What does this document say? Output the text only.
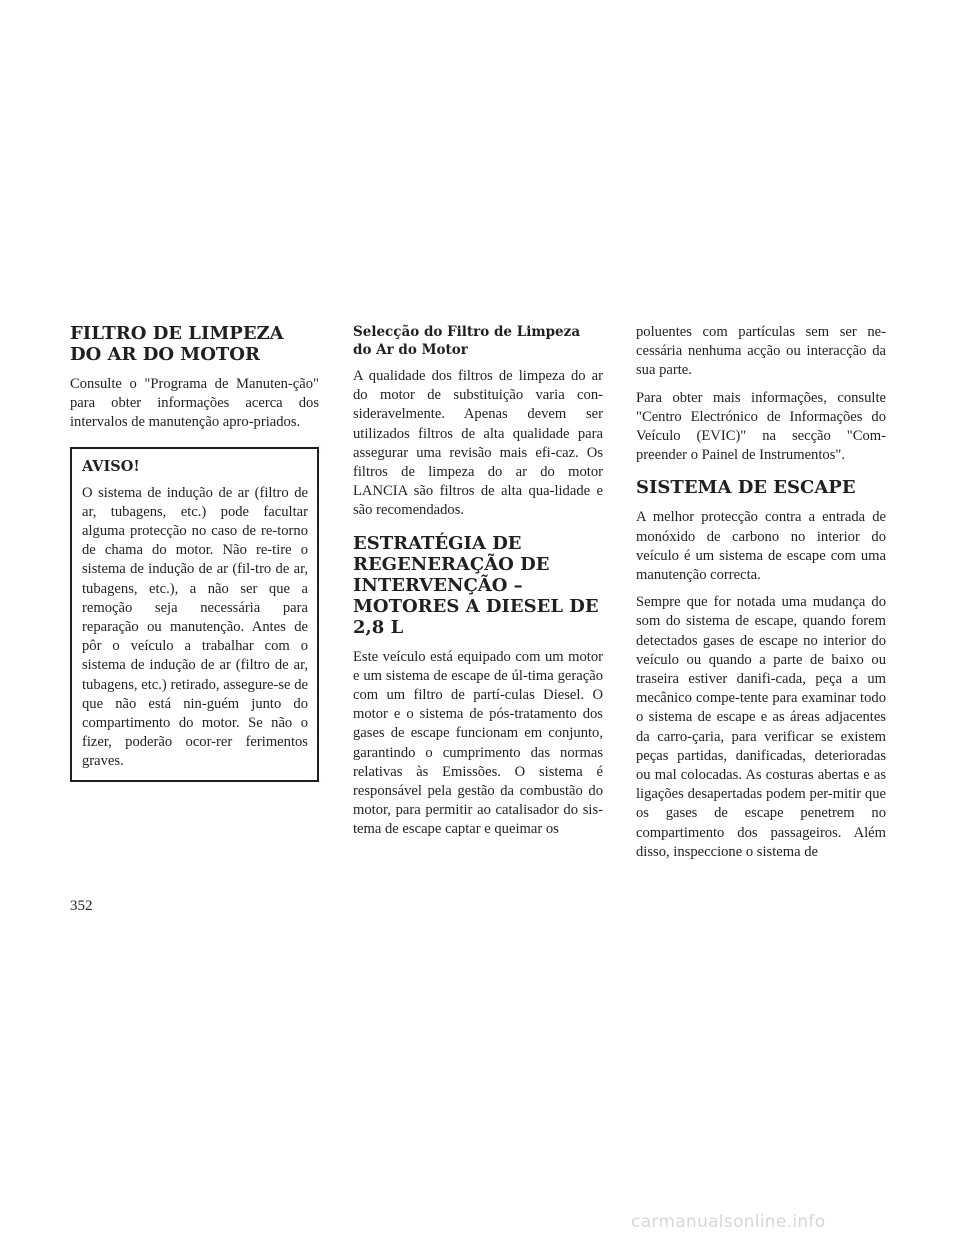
FILTRO DE LIMPEZA DO AR DO MOTOR

Consulte o "Programa de Manuten-ção" para obter informações acerca dos intervalos de manutenção apro-priados.

AVISO!

O sistema de indução de ar (filtro de ar, tubagens, etc.) pode facultar alguma protecção no caso de re-torno de chama do motor. Não re-tire o sistema de indução de ar (fil-tro de ar, tubagens, etc.), a não ser que a remoção seja necessária para reparação ou manutenção. Antes de pôr o veículo a trabalhar com o sistema de indução de ar (filtro de ar, tubagens, etc.) retirado, assegure-se de que não está nin-guém junto do compartimento do motor. Se não o fizer, poderão ocor-rer ferimentos graves.

Selecção do Filtro de Limpeza do Ar do Motor

A qualidade dos filtros de limpeza do ar do motor de substituição varia con-sideravelmente. Apenas devem ser utilizados filtros de alta qualidade para assegurar uma revisão mais efi-caz. Os filtros de limpeza do ar do motor LANCIA são filtros de alta qua-lidade e são recomendados.

ESTRATÉGIA DE REGENERAÇÃO DE INTERVENÇÃO – MOTORES A DIESEL DE 2,8 L

Este veículo está equipado com um motor e um sistema de escape de úl-tima geração com um filtro de partí-culas Diesel. O motor e o sistema de pós-tratamento dos gases de escape funcionam em conjunto, garantindo o cumprimento das normas relativas às Emissões. O sistema é responsável pela gestão da combustão do motor, para permitir ao catalisador do sis-tema de escape captar e queimar os

poluentes com partículas sem ser ne-cessária nenhuma acção ou interacção da sua parte.

Para obter mais informações, consulte "Centro Electrónico de Informações do Veículo (EVIC)" na secção "Com-preender o Painel de Instrumentos".

SISTEMA DE ESCAPE

A melhor protecção contra a entrada de monóxido de carbono no interior do veículo é um sistema de escape com uma manutenção correcta.

Sempre que for notada uma mudança do som do sistema de escape, quando forem detectados gases de escape no interior do veículo ou quando a parte de baixo ou traseira estiver danifi-cada, peça a um mecânico compe-tente para examinar todo o sistema de escape e as áreas adjacentes da carro-çaria, para verificar se existem peças partidas, danificadas, deterioradas ou mal colocadas. As costuras abertas e as ligações desapertadas podem per-mitir que os gases de escape penetrem no compartimento dos passageiros. Além disso, inspeccione o sistema de

352
carmanualsonline.info
